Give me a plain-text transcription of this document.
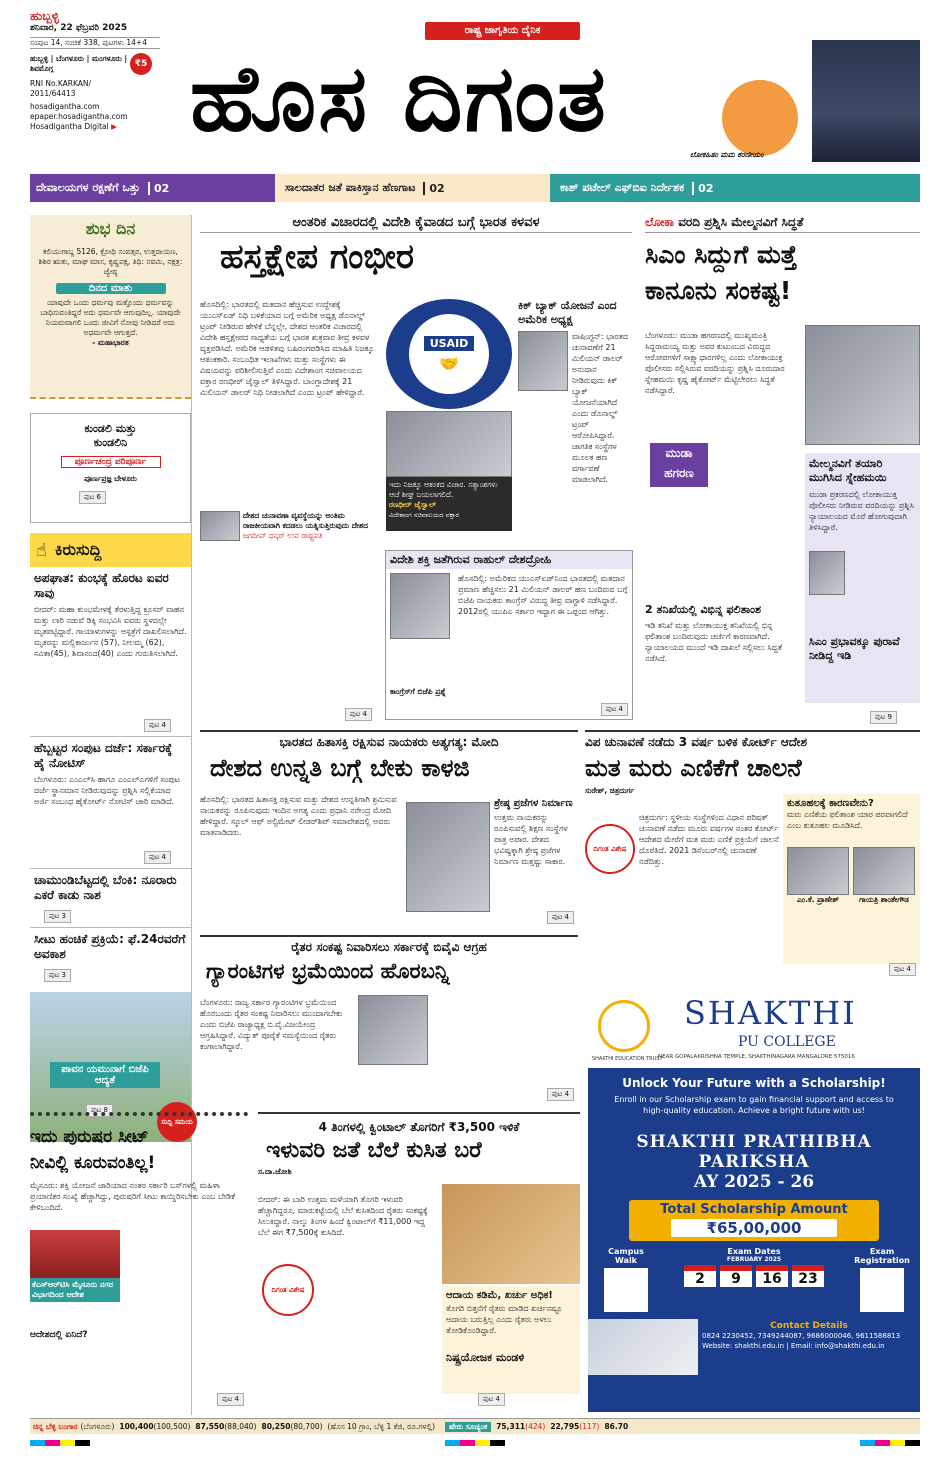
ಹುಬ್ಬಳ್ಳಿ
ಶನಿವಾರ, 22 ಫೆಬ್ರವರಿ 2025
ಸಂಪುಟ 14, ಸಂಚಿಕೆ 338, ಪುಟಗಳು 14+4
ಹುಬ್ಬಳ್ಳಿ | ಬೆಂಗಳೂರು | ಮಂಗಳೂರು | ಶಿವಮೊಗ್ಗ	₹5
RNI No.KARKAN/ 2011/64413
hosadigantha.com
epaper.hosadigantha.com
Hosadigantha Digital ▶
ರಾಷ್ಟ್ರ ಜಾಗೃತಿಯ ದೈನಿಕ
ಹೊಸ ದಿಗಂತ
ಲೋಕಹಿತಂ ಮಮ ಕರಣೀಯಂ
ದೇವಾಲಯಗಳ ರಕ್ಷಣೆಗೆ ಒತ್ತು	02	ಸಾಲದಾತರ ಜತೆ ಪಾಕಿಸ್ತಾನ ಹೆಣಗಾಟ	02	ಕಾಶ್ ಪಟೇಲ್ ಎಫ್‌ಬಿಐ ನಿರ್ದೇಶಕ	02
ಶುಭ ದಿನ
ಕಲಿಯುಗಾಬ್ದ 5126, ಕ್ರೋಧಿ ಸಂವತ್ಸರ, ಉತ್ತರಾಯಣ, ಶಿಶಿರ ಋತು, ಮಾಘ ಮಾಸ, ಕೃಷ್ಣಪಕ್ಷ, ತಿಥಿ: ನವಮಿ, ನಕ್ಷತ್ರ: ಜ್ಯೇಷ್ಠ
ದಿನದ ಮಾತು
ಯಾವುದೇ ಒಂದು ಧರ್ಮವು ಮತ್ತೊಂದು ಧರ್ಮವನ್ನು ಬಾಧಿಸುವಂತಿದ್ದರೆ ಅದು ಧರ್ಮವೇ ಆಗುವುದಿಲ್ಲ. ಯಾವುದೇ ನಿಯಮವಾಗಲಿ ಒಂದು ಜೀವಿಗೆ ನೋವು ನೀಡಿದರೆ ಅದು ಅಧರ್ಮವೇ ಆಗುತ್ತದೆ.
- ಮಹಾಭಾರತ
ಕುಂಡಲಿ ಮತ್ತು
ಕುಂಡಲಿನಿ
ಪೂರ್ಣಚಂದ್ರ ಪರಿಪೂರ್ಣ
ಪೂರ್ಣಪ್ರಜ್ಞ ಬೇಳೂರು
ಪುಟ 6
☝ ಕಿರುಸುದ್ದಿ
ಅಪಘಾತ: ಕುಂಭಕ್ಕೆ ಹೊರಟ ಐವರ ಸಾವು
ಬೀದರ್: ಮಹಾ ಕುಂಭಮೇಳಕ್ಕೆ ತೆರಳುತ್ತಿದ್ದ ಕ್ರೂಸರ್ ವಾಹನ ಮತ್ತು ಲಾರಿ ನಡುವೆ ಡಿಕ್ಕಿ ಸಂಭವಿಸಿ ಐವರು ಸ್ಥಳದಲ್ಲೇ ಮೃತಪಟ್ಟಿದ್ದಾರೆ. ಗಾಯಾಳುಗಳನ್ನು ಆಸ್ಪತ್ರೆಗೆ ದಾಖಲಿಸಲಾಗಿದೆ. ಮೃತರನ್ನು ಮಲ್ಲಿಕಾರ್ಜುನ (57), ನೀಲಮ್ಮ (62), ಸವಿತಾ(45), ಶಿವಾನಂದ(40) ಎಂದು ಗುರುತಿಸಲಾಗಿದೆ.
ಪುಟ 4
ಹೆಬ್ಬಟ್ಟರ ಸಂಪುಟ ದರ್ಜೆ: ಸರ್ಕಾರಕ್ಕೆ ಹೈ ನೋಟಿಸ್
ಬೆಂಗಳೂರು: ಎಂಎಲ್‌ಸಿ ಹಾಗೂ ಎಂಎಲ್‌ಎಗಳಿಗೆ ಸಂಪುಟ ದರ್ಜೆ ಸ್ಥಾನಮಾನ ನೀಡಿರುವುದನ್ನು ಪ್ರಶ್ನಿಸಿ ಸಲ್ಲಿಕೆಯಾದ ಅರ್ಜಿ ಸಂಬಂಧ ಹೈಕೋರ್ಟ್ ನೋಟಿಸ್ ಜಾರಿ ಮಾಡಿದೆ.
ಪುಟ 4
ಚಾಮುಂಡಿಬೆಟ್ಟದಲ್ಲಿ ಬೆಂಕಿ: ನೂರಾರು ಎಕರೆ ಕಾಡು ನಾಶ
ಪುಟ 3
ಸೀಟು ಹಂಚಿಕೆ ಪ್ರಕ್ರಿಯೆ: ಫೆ.24ರವರೆಗೆ ಅವಕಾಶ
ಪುಟ 3
ಪಾವನ ಯಮುನಾಗೆ ಬಿಜೆಪಿ ಆದ್ಯತೆ
ಪುಟ 8
ಸುದ್ದಿ ಸಮಯ
ಆಂತರಿಕ ವಿಚಾರದಲ್ಲಿ ವಿದೇಶಿ ಕೈವಾಡದ ಬಗ್ಗೆ ಭಾರತ ಕಳವಳ
ಹಸ್ತಕ್ಷೇಪ ಗಂಭೀರ
ಹೊಸದಿಲ್ಲಿ: ಭಾರತದಲ್ಲಿ ಮತದಾನ ಹೆಚ್ಚಿಸುವ ಉದ್ದೇಶಕ್ಕೆ ಯುಎಸ್‌ಏಡ್ ನಿಧಿ ಬಳಕೆಯಾದ ಬಗ್ಗೆ ಅಮೆರಿಕ ಅಧ್ಯಕ್ಷ ಡೊನಾಲ್ಡ್ ಟ್ರಂಪ್ ನೀಡಿರುವ ಹೇಳಿಕೆ ಬೆನ್ನಲ್ಲೇ, ದೇಶದ ಆಂತರಿಕ ವಿಚಾರದಲ್ಲಿ ವಿದೇಶಿ ಹಸ್ತಕ್ಷೇಪದ ಸಾಧ್ಯತೆಯ ಬಗ್ಗೆ ಭಾರತ ಶುಕ್ರವಾರ ತೀವ್ರ ಕಳವಳ ವ್ಯಕ್ತಪಡಿಸಿದೆ. ಅಮೆರಿಕ ಆಡಳಿತವು ಬಹಿರಂಗಪಡಿಸಿದ ಮಾಹಿತಿ ನಿಜಕ್ಕೂ ಆತಂಕಕಾರಿ. ಸಂಬಂಧಿತ ಇಲಾಖೆಗಳು ಮತ್ತು ಸಂಸ್ಥೆಗಳು ಈ ವಿಷಯವನ್ನು ಪರಿಶೀಲಿಸುತ್ತಿವೆ ಎಂದು ವಿದೇಶಾಂಗ ಸಚಿವಾಲಯದ ವಕ್ತಾರ ರಣಧೀರ್ ಜೈಸ್ವಾಲ್ ತಿಳಿಸಿದ್ದಾರೆ. ಬಾಂಗ್ಲಾದೇಶಕ್ಕೆ 21 ಮಿಲಿಯನ್ ಡಾಲರ್ ನಿಧಿ ನೀಡಲಾಗಿದೆ ಎಂದು ಟ್ರಂಪ್ ಹೇಳಿದ್ದಾರೆ.
USAID
🤝
ಇದು ನಿಜಕ್ಕೂ ಆತಂಕದ ವಿಚಾರ. ಸತ್ಯಾಂಶಗಳು ಆಚೆ ಶೀಘ್ರ ಬಯಲಾಗಲಿದೆ.
ರಣಧೀರ್ ಜೈಸ್ವಾಲ್
ವಿದೇಶಾಂಗ ಸಚಿವಾಲಯದ ವಕ್ತಾರ
ಕಿಕ್ ಬ್ಯಾಕ್ ಯೋಜನೆ ಎಂದ ಅಮೆರಿಕ ಅಧ್ಯಕ್ಷ
ವಾಷಿಂಗ್ಟನ್: ಭಾರತದ ಚುನಾವಣೆಗೆ 21 ಮಿಲಿಯನ್ ಡಾಲರ್ ಅನುದಾನ ನೀಡಿರುವುದು ಕಿಕ್ ಬ್ಯಾಕ್ ಯೋಜನೆಯಾಗಿದೆ ಎಂದು ಡೊನಾಲ್ಡ್ ಟ್ರಂಪ್ ಆರೋಪಿಸಿದ್ದಾರೆ. ಜಾಗತಿಕ ಸಂಸ್ಥೆಗಳ ಮೂಲಕ ಹಣ ವರ್ಗಾವಣೆ ಮಾಡಲಾಗಿದೆ.
ದೇಶದ ಚುನಾವಣಾ ವ್ಯವಸ್ಥೆಯನ್ನು ಅಂತಿಮ ರಾಜಕೀಯವಾಗಿ ಕದಡಲು ಯತ್ನಿಸುತ್ತಿರುವುದು ದೇಶದ
ಜಗದೀಪ್ ಧನ್ಕರ್ ಉಪ ರಾಷ್ಟ್ರಪತಿ
ವಿದೇಶಿ ಶಕ್ತಿ ಜತೆಗಿರುವ ರಾಹುಲ್ ದೇಶದ್ರೋಹಿ
ಹೊಸದಿಲ್ಲಿ: ಅಮೆರಿಕದ ಯುಎಸ್‌ಏಡ್‌ನಿಂದ ಭಾರತದಲ್ಲಿ ಮತದಾನ ಪ್ರಮಾಣ ಹೆಚ್ಚಿಸಲು 21 ಮಿಲಿಯನ್ ಡಾಲರ್ ಹಣ ಬಂದಿರುವ ಬಗ್ಗೆ ಬಿಜೆಪಿ ನಾಯಕರು ಕಾಂಗ್ರೆಸ್ ವಿರುದ್ಧ ತೀವ್ರ ವಾಗ್ದಾಳಿ ನಡೆಸಿದ್ದಾರೆ. 2012ರಲ್ಲಿ ಯುಪಿಎ ಸರ್ಕಾರ ಇದ್ದಾಗ ಈ ಒಪ್ಪಂದ ಆಗಿತ್ತು.
ಕಾಂಗ್ರೆಸ್‌ಗೆ ಬಿಜೆಪಿ ಪ್ರಶ್ನೆ
ಪುಟ 4
ಪುಟ 4
ಲೋಕಾ ವರದಿ ಪ್ರಶ್ನಿಸಿ ಮೇಲ್ಮನವಿಗೆ ಸಿದ್ಧತೆ
ಸಿಎಂ ಸಿದ್ದುಗೆ ಮತ್ತೆ
ಕಾನೂನು ಸಂಕಷ್ಟ!
ಬೆಂಗಳೂರು: ಮುಡಾ ಹಗರಣದಲ್ಲಿ ಮುಖ್ಯಮಂತ್ರಿ ಸಿದ್ದರಾಮಯ್ಯ ಮತ್ತು ಅವರ ಕುಟುಂಬದ ವಿರುದ್ಧದ ಆರೋಪಗಳಿಗೆ ಸಾಕ್ಷ್ಯಾಧಾರಗಳಿಲ್ಲ ಎಂದು ಲೋಕಾಯುಕ್ತ ಪೊಲೀಸರು ಸಲ್ಲಿಸಿರುವ ವರದಿಯನ್ನು ಪ್ರಶ್ನಿಸಿ ದೂರುದಾರ ಸ್ನೇಹಮಯಿ ಕೃಷ್ಣ ಹೈಕೋರ್ಟ್ ಮೆಟ್ಟಿಲೇರಲು ಸಿದ್ಧತೆ ನಡೆಸಿದ್ದಾರೆ.
ಮುಡಾ
ಹಗರಣ
ಮೇಲ್ಮನವಿಗೆ ತಯಾರಿ ಮುಗಿಸಿದ ಸ್ನೇಹಮಯಿ
ಮುಡಾ ಪ್ರಕರಣದಲ್ಲಿ ಲೋಕಾಯುಕ್ತ ಪೊಲೀಸರು ನೀಡಿರುವ ವರದಿಯನ್ನು ಪ್ರಶ್ನಿಸಿ ನ್ಯಾಯಾಲಯದ ಮೊರೆ ಹೋಗುವುದಾಗಿ ತಿಳಿಸಿದ್ದಾರೆ.
ಸಿಎಂ ಪ್ರಭಾವಕ್ಕೂ ಪುರಾವೆ ನೀಡಿದ್ದ ಇಡಿ
2 ತನಿಖೆಯಲ್ಲಿ ವಿಭಿನ್ನ ಫಲಿತಾಂಶ
ಇಡಿ ತನಿಖೆ ಮತ್ತು ಲೋಕಾಯುಕ್ತ ತನಿಖೆಯಲ್ಲಿ ಭಿನ್ನ ಫಲಿತಾಂಶ ಬಂದಿರುವುದು ಚರ್ಚೆಗೆ ಕಾರಣವಾಗಿದೆ. ನ್ಯಾಯಾಲಯದ ಮುಂದೆ ಇಡಿ ದಾಖಲೆ ಸಲ್ಲಿಸಲು ಸಿದ್ಧತೆ ನಡೆಸಿದೆ.
ಪುಟ 9
ಭಾರತದ ಹಿತಾಸಕ್ತಿ ರಕ್ಷಿಸುವ ನಾಯಕರು ಅತ್ಯಗತ್ಯ: ಮೋದಿ
ದೇಶದ ಉನ್ನತಿ ಬಗ್ಗೆ ಬೇಕು ಕಾಳಜಿ
ಹೊಸದಿಲ್ಲಿ: ಭಾರತದ ಹಿತಾಸಕ್ತಿ ರಕ್ಷಿಸುವ ಮತ್ತು ದೇಶದ ಉನ್ನತಿಗಾಗಿ ಶ್ರಮಿಸುವ ನಾಯಕರನ್ನು ರೂಪಿಸುವುದು ಇಂದಿನ ಅಗತ್ಯ ಎಂದು ಪ್ರಧಾನಿ ನರೇಂದ್ರ ಮೋದಿ ಹೇಳಿದ್ದಾರೆ. ಸ್ಕೂಲ್ ಆಫ್ ಅಲ್ಟಿಮೇಟ್ ಲೀಡರ್‌ಶಿಪ್ ಸಮಾವೇಶದಲ್ಲಿ ಅವರು ಮಾತನಾಡಿದರು.
ಶ್ರೇಷ್ಠ ಪ್ರಜೆಗಳ ನಿರ್ಮಾಣ
ಉತ್ತಮ ನಾಯಕರನ್ನು ರೂಪಿಸುವಲ್ಲಿ ಶಿಕ್ಷಣ ಸಂಸ್ಥೆಗಳ ಪಾತ್ರ ಅಪಾರ. ದೇಶದ ಭವಿಷ್ಯಕ್ಕಾಗಿ ಶ್ರೇಷ್ಠ ಪ್ರಜೆಗಳ ನಿರ್ಮಾಣ ಮತ್ತಷ್ಟು ಸಾಕಾರ.
ಪುಟ 4
ರೈತರ ಸಂಕಷ್ಟ ನಿವಾರಿಸಲು ಸರ್ಕಾರಕ್ಕೆ ಬಿವೈವಿ ಆಗ್ರಹ
ಗ್ಯಾರಂಟಿಗಳ ಭ್ರಮೆಯಿಂದ ಹೊರಬನ್ನಿ
ಬೆಂಗಳೂರು: ರಾಜ್ಯ ಸರ್ಕಾರ ಗ್ಯಾರಂಟಿಗಳ ಭ್ರಮೆಯಿಂದ ಹೊರಬಂದು ರೈತರ ಸಂಕಷ್ಟ ನಿವಾರಿಸಲು ಮುಂದಾಗಬೇಕು ಎಂದು ಬಿಜೆಪಿ ರಾಜ್ಯಾಧ್ಯಕ್ಷ ಬಿ.ವೈ.ವಿಜಯೇಂದ್ರ ಆಗ್ರಹಿಸಿದ್ದಾರೆ. ವಿದ್ಯುತ್ ಪೂರೈಕೆ ಸಮಸ್ಯೆಯಿಂದ ರೈತರು ಕಂಗಾಲಾಗಿದ್ದಾರೆ.
ಪುಟ 4
ವಿಪ ಚುನಾವಣೆ ನಡೆದು 3 ವರ್ಷ ಬಳಿಕ ಕೋರ್ಟ್ ಆದೇಶ
ಮತ ಮರು ಎಣಿಕೆಗೆ ಚಾಲನೆ
ಸುರೇಶ್, ಚಿತ್ರದುರ್ಗ
ದಿಗಂತ ವಿಶೇಷ
ಚಿತ್ರದುರ್ಗ: ಸ್ಥಳೀಯ ಸಂಸ್ಥೆಗಳಿಂದ ವಿಧಾನ ಪರಿಷತ್ ಚುನಾವಣೆ ನಡೆದು ಮೂರು ವರ್ಷಗಳ ನಂತರ ಕೋರ್ಟ್ ಆದೇಶದ ಮೇರೆಗೆ ಮತ ಮರು ಎಣಿಕೆ ಪ್ರಕ್ರಿಯೆಗೆ ಚಾಲನೆ ದೊರೆತಿದೆ. 2021 ಡಿಸೆಂಬರ್‌ನಲ್ಲಿ ಚುನಾವಣೆ ನಡೆದಿತ್ತು.
ಕುತೂಹಲಕ್ಕೆ ಕಾರಣವೇನು?
ಮರು ಎಣಿಕೆಯ ಫಲಿತಾಂಶ ಯಾರ ಪರವಾಗಲಿದೆ ಎಂಬ ಕುತೂಹಲ ಮೂಡಿಸಿದೆ.
ಎಂ.ಕೆ. ಪ್ರಾಣೇಶ್	ಗಾಯತ್ರಿ ಶಾಂತೇಗೌಡ
ಪುಟ 4
SHAKTHI EDUCATION TRUST
SHAKTHI
PU COLLEGE
NEAR GOPALAKRISHNA TEMPLE, SHAKTHINAGARA MANGALORE 575016
Unlock Your Future with a Scholarship!
Enroll in our Scholarship exam to gain financial support and access to high-quality education. Achieve a bright future with us!
SHAKTHI PRATHIBHA PARIKSHA
AY 2025 - 26
Total Scholarship Amount
₹65,00,000
Campus Walk
Exam Dates
FEBRUARY 2025
2	9	16	23
Exam Registration
Contact Details
0824 2230452, 7349244087, 9686000046, 9611588813
Website: shakthi.edu.in | Email: info@shakthi.edu.in
ಇದು ಪುರುಷರ ಸೀಟ್
ನೀವಿಲ್ಲಿ ಕೂರುವಂತಿಲ್ಲ!
ಮೈಸೂರು: ಶಕ್ತಿ ಯೋಜನೆ ಜಾರಿಯಾದ ನಂತರ ಸರ್ಕಾರಿ ಬಸ್‌ಗಳಲ್ಲಿ ಮಹಿಳಾ ಪ್ರಯಾಣಿಕರ ಸಂಖ್ಯೆ ಹೆಚ್ಚಾಗಿದ್ದು, ಪುರುಷರಿಗೆ ಸೀಟು ಕಾಯ್ದಿರಿಸಬೇಕು ಎಂಬ ಬೇಡಿಕೆ ಕೇಳಿಬಂದಿದೆ.
ಕೆಎಸ್‌ಆರ್‌ಟಿಸಿ ಮೈಸೂರು ನಗರ ವಿಭಾಗದಿಂದ ಆದೇಶ
ಆದೇಶದಲ್ಲಿ ಏನಿದೆ?
ಪುಟ 4
4 ತಿಂಗಳಲ್ಲಿ ಕ್ವಿಂಟಾಲ್ ತೊಗರಿಗೆ ₹3,500 ಇಳಿಕೆ
ಇಳುವರಿ ಜತೆ ಬೆಲೆ ಕುಸಿತ ಬರೆ
ಸ.ದಾ.ಜೋಶಿ
ದಿಗಂತ ವಿಶೇಷ
ಬೀದರ್: ಈ ಬಾರಿ ಉತ್ತಮ ಮಳೆಯಾಗಿ ತೊಗರಿ ಇಳುವರಿ ಹೆಚ್ಚಾಗಿದ್ದರೂ, ಮಾರುಕಟ್ಟೆಯಲ್ಲಿ ಬೆಲೆ ಕುಸಿತದಿಂದ ರೈತರು ಸಂಕಷ್ಟಕ್ಕೆ ಸಿಲುಕಿದ್ದಾರೆ. ನಾಲ್ಕು ತಿಂಗಳ ಹಿಂದೆ ಕ್ವಿಂಟಾಲ್‌ಗೆ ₹11,000 ಇದ್ದ ಬೆಲೆ ಈಗ ₹7,500ಕ್ಕೆ ಕುಸಿದಿದೆ.
ಆದಾಯ ಕಡಿಮೆ, ಖರ್ಚು ಅಧಿಕ!
ತೊಗರಿ ಬಿತ್ತನೆಗೆ ರೈತರು ಮಾಡಿದ ಖರ್ಚಿನಷ್ಟೂ ಆದಾಯ ಬರುತ್ತಿಲ್ಲ ಎಂದು ರೈತರು ಅಳಲು ತೋಡಿಕೊಂಡಿದ್ದಾರೆ.
ನಿಷ್ಪ್ರಯೋಜಕ ಮಂಡಳಿ
ಪುಟ 4
ಚಿನ್ನ ಬೆಳ್ಳಿ ಬಂಗಾರ (ಬೆಂಗಳೂರು) 100,400 (100,500) 87,550 (88,040) 80,250 (80,700) (ಹೊಸ 10 ಗ್ರಾಂ, ಬೆಳ್ಳಿ 1 ಕೆಜಿ, ರೂ.ಗಳಲ್ಲಿ)	ಷೇರು ಸೂಚ್ಯಂಕ	75,311 (424) 22,795 (117) 86.70
